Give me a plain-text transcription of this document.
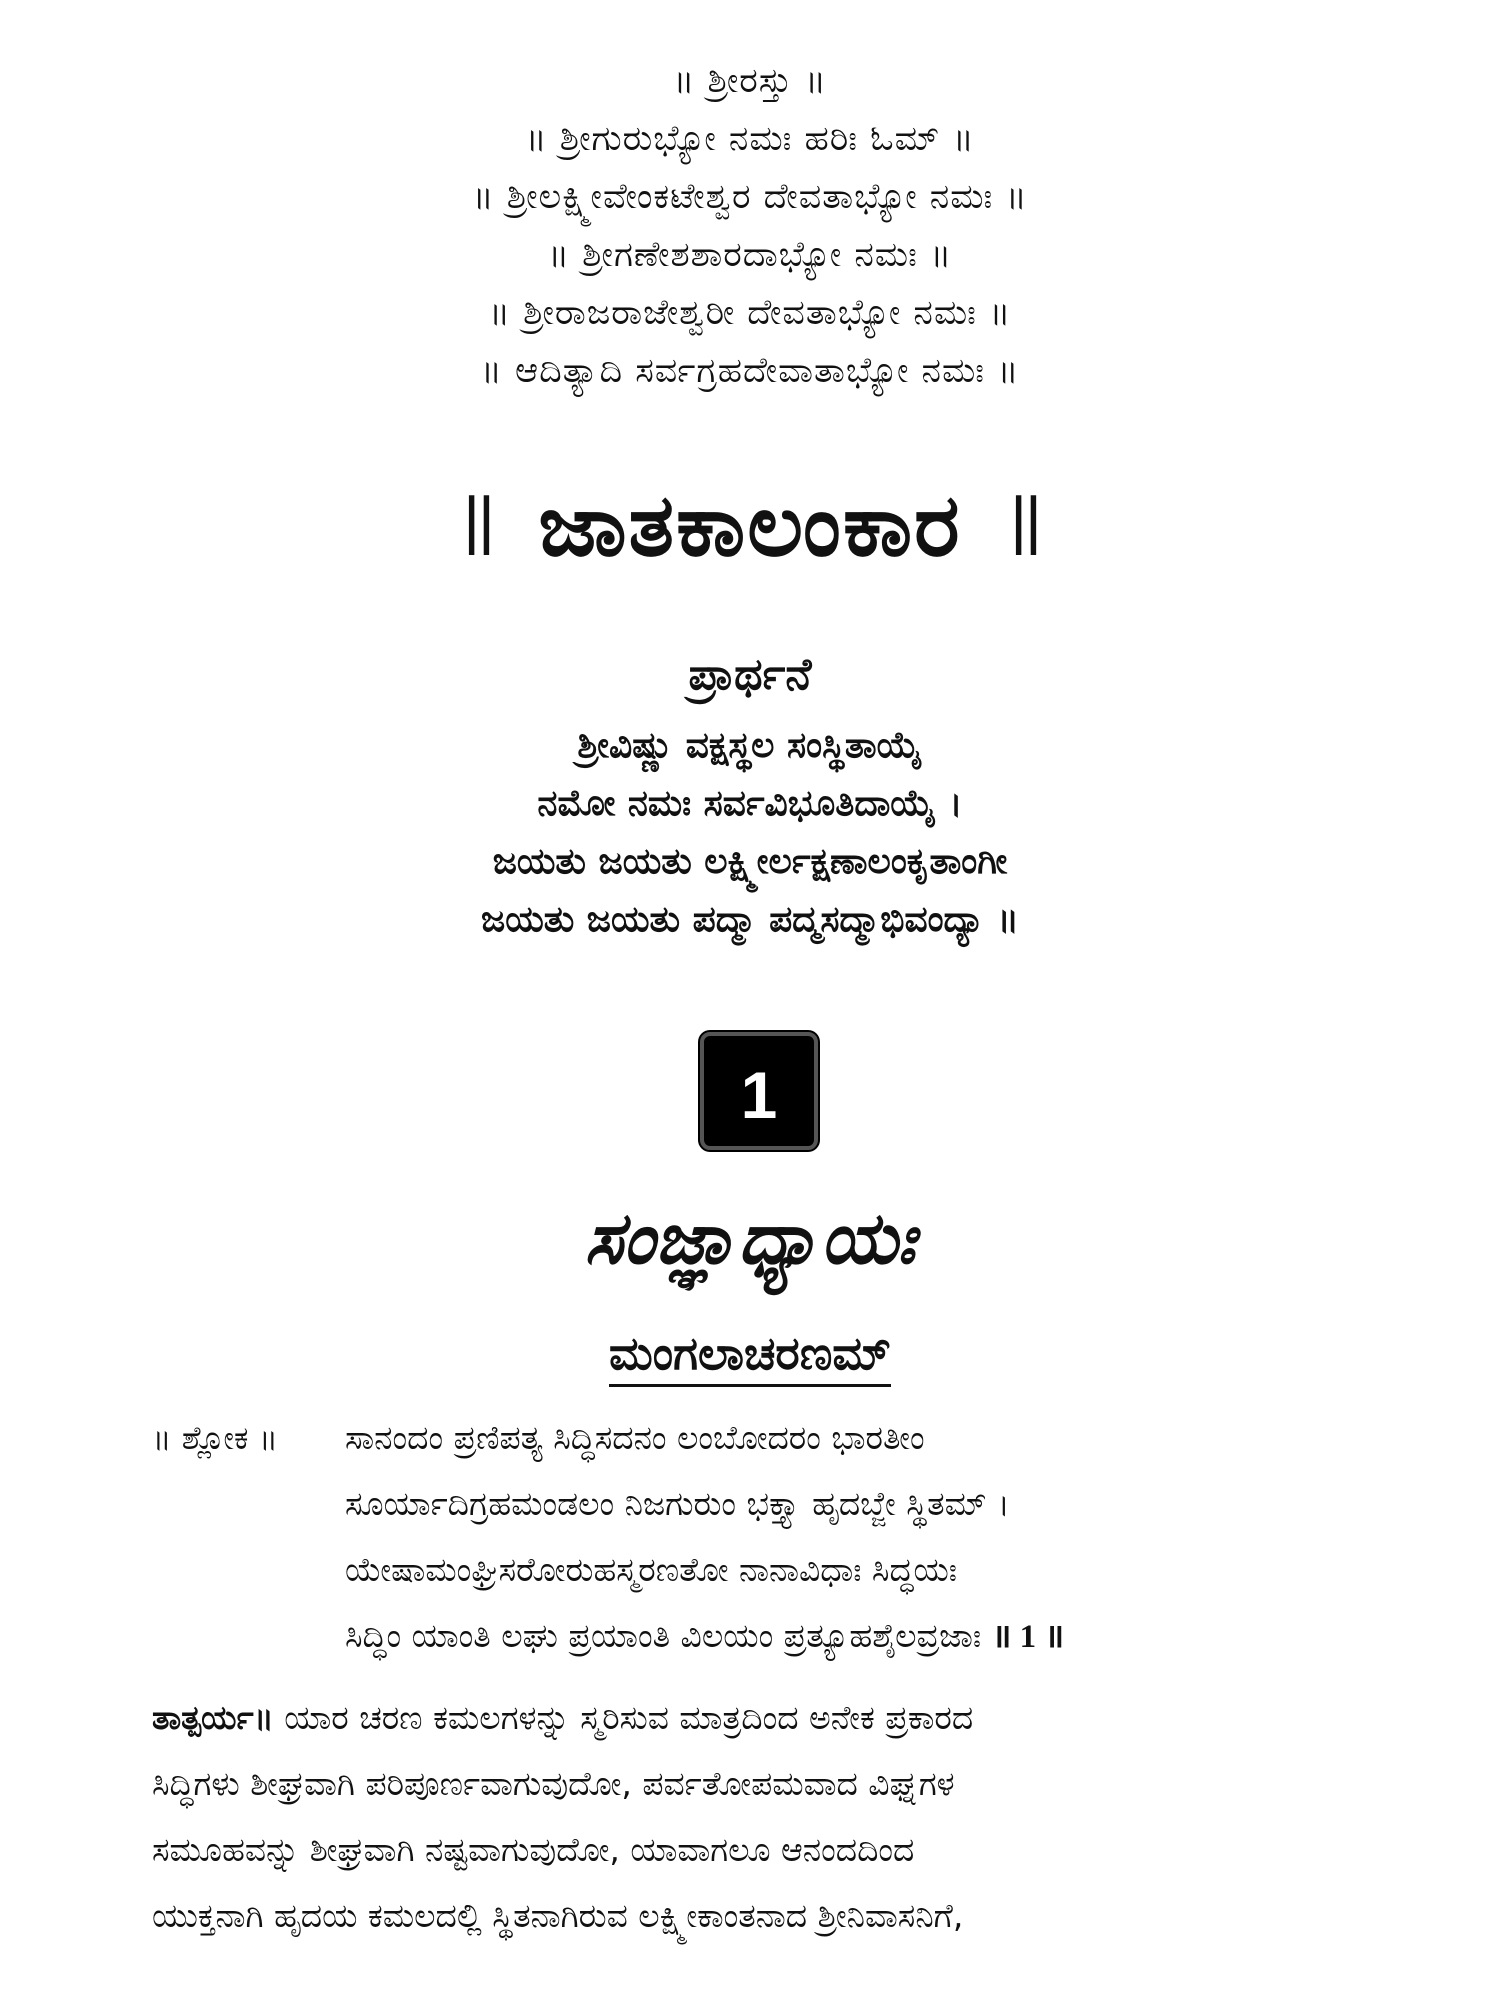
॥ ಶ್ರೀರಸ್ತು ॥
॥ ಶ್ರೀಗುರುಭ್ಯೋ ನಮಃ ಹರಿಃ ಓಮ್ ॥
॥ ಶ್ರೀಲಕ್ಷ್ಮೀವೇಂಕಟೇಶ್ವರ ದೇವತಾಭ್ಯೋ ನಮಃ ॥
॥ ಶ್ರೀಗಣೇಶಶಾರದಾಭ್ಯೋ ನಮಃ ॥
॥ ಶ್ರೀರಾಜರಾಜೇಶ್ವರೀ ದೇವತಾಭ್ಯೋ ನಮಃ ॥
॥ ಆದಿತ್ಯಾದಿ ಸರ್ವಗ್ರಹದೇವಾತಾಭ್ಯೋ ನಮಃ ॥
॥ ಜಾತಕಾಲಂಕಾರ ॥
ಪ್ರಾರ್ಥನೆ
ಶ್ರೀವಿಷ್ಣು ವಕ್ಷಸ್ಥಲ ಸಂಸ್ಥಿತಾಯೈ
ನಮೋ ನಮಃ ಸರ್ವವಿಭೂತಿದಾಯೈ ।
ಜಯತು ಜಯತು ಲಕ್ಷ್ಮೀರ್ಲಕ್ಷಣಾಲಂಕೃತಾಂಗೀ
ಜಯತು ಜಯತು ಪದ್ಮಾ ಪದ್ಮಸದ್ಮಾಭಿವಂದ್ಯಾ ॥
1
ಸಂಜ್ಞಾಧ್ಯಾಯಃ
ಮಂಗಲಾಚರಣಮ್
॥ ಶ್ಲೋಕ ॥ ಸಾನಂದಂ ಪ್ರಣಿಪತ್ಯ ಸಿದ್ಧಿಸದನಂ ಲಂಬೋದರಂ ಭಾರತೀಂ
ಸೂರ್ಯಾದಿಗ್ರಹಮಂಡಲಂ ನಿಜಗುರುಂ ಭಕ್ತ್ಯಾ ಹೃದಬ್ಜೇ ಸ್ಥಿತಮ್ ।
ಯೇಷಾಮಂಘ್ರಿಸರೋರುಹಸ್ಮರಣತೋ ನಾನಾವಿಧಾಃ ಸಿದ್ಧಯಃ
ಸಿದ್ಧಿಂ ಯಾಂತಿ ಲಘು ಪ್ರಯಾಂತಿ ವಿಲಯಂ ಪ್ರತ್ಯೂಹಶೈಲವ್ರಜಾಃ ॥ 1 ॥
ತಾತ್ಪರ್ಯ॥ ಯಾರ ಚರಣ ಕಮಲಗಳನ್ನು ಸ್ಮರಿಸುವ ಮಾತ್ರದಿಂದ ಅನೇಕ ಪ್ರಕಾರದ
ಸಿದ್ಧಿಗಳು ಶೀಘ್ರವಾಗಿ ಪರಿಪೂರ್ಣವಾಗುವುದೋ, ಪರ್ವತೋಪಮವಾದ ವಿಘ್ನಗಳ
ಸಮೂಹವನ್ನು ಶೀಘ್ರವಾಗಿ ನಷ್ಟವಾಗುವುದೋ, ಯಾವಾಗಲೂ ಆನಂದದಿಂದ
ಯುಕ್ತನಾಗಿ ಹೃದಯ ಕಮಲದಲ್ಲಿ ಸ್ಥಿತನಾಗಿರುವ ಲಕ್ಷ್ಮೀಕಾಂತನಾದ ಶ್ರೀನಿವಾಸನಿಗೆ,
